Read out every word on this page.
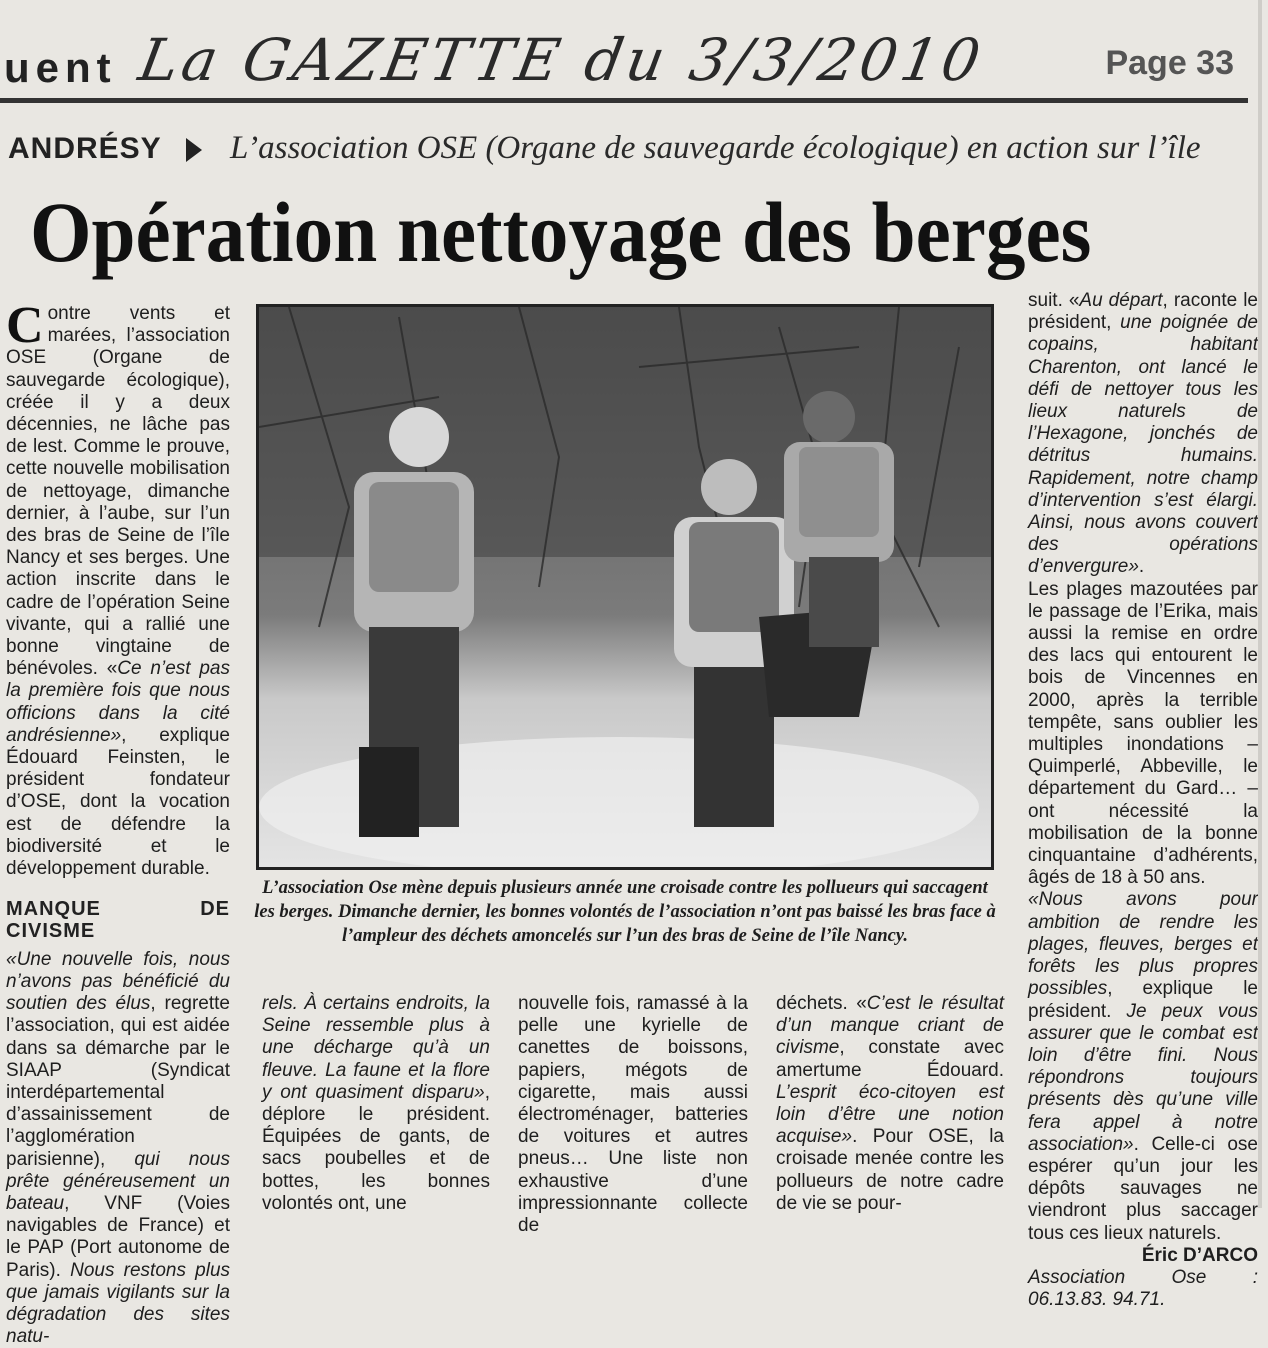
uent La GAZETTE du 3/3/2010	Page 33
ANDRÉSY L’association OSE (Organe de sauvegarde écologique) en action sur l’île
Opération nettoyage des berges

Contre vents et marées, l’association OSE (Organe de sauvegarde écologique), créée il y a deux décennies, ne lâche pas de lest. Comme le prouve, cette nouvelle mobilisation de nettoyage, dimanche dernier, à l’aube, sur l’un des bras de Seine de l’île Nancy et ses berges. Une action inscrite dans le cadre de l’opération Seine vivante, qui a rallié une bonne vingtaine de bénévoles. «Ce n’est pas la première fois que nous officions dans la cité andrésienne», explique Édouard Feinsten, le président fondateur d’OSE, dont la vocation est de défendre la biodiversité et le développement durable.

MANQUE DE CIVISME

«Une nouvelle fois, nous n’avons pas bénéficié du soutien des élus, regrette l’association, qui est aidée dans sa démarche par le SIAAP (Syndicat interdépartemental d’assainissement de l’agglomération parisienne), qui nous prête généreusement un bateau, VNF (Voies navigables de France) et le PAP (Port autonome de Paris). Nous restons plus que jamais vigilants sur la dégradation des sites natu-

L’association Ose mène depuis plusieurs année une croisade contre les pollueurs qui saccagent les berges. Dimanche dernier, les bonnes volontés de l’association n’ont pas baissé les bras face à l’ampleur des déchets amoncelés sur l’un des bras de Seine de l’île Nancy.

rels. À certains endroits, la Seine ressemble plus à une décharge qu’à un fleuve. La faune et la flore y ont quasiment disparu», déplore le président. Équipées de gants, de sacs poubelles et de bottes, les bonnes volontés ont, une

nouvelle fois, ramassé à la pelle une kyrielle de canettes de boissons, papiers, mégots de cigarette, mais aussi électroménager, batteries de voitures et autres pneus… Une liste non exhaustive d’une impressionnante collecte de

déchets. «C’est le résultat d’un manque criant de civisme, constate avec amertume Édouard. L’esprit éco-citoyen est loin d’être une notion acquise». Pour OSE, la croisade menée contre les pollueurs de notre cadre de vie se pour-

suit. «Au départ, raconte le président, une poignée de copains, habitant Charenton, ont lancé le défi de nettoyer tous les lieux naturels de l’Hexagone, jonchés de détritus humains. Rapidement, notre champ d’intervention s’est élargi. Ainsi, nous avons couvert des opérations d’envergure».

Les plages mazoutées par le passage de l’Erika, mais aussi la remise en ordre des lacs qui entourent le bois de Vincennes en 2000, après la terrible tempête, sans oublier les multiples inondations – Quimperlé, Abbeville, le département du Gard… – ont nécessité la mobilisation de la bonne cinquantaine d’adhérents, âgés de 18 à 50 ans.

«Nous avons pour ambition de rendre les plages, fleuves, berges et forêts les plus propres possibles, explique le président. Je peux vous assurer que le combat est loin d’être fini. Nous répondrons toujours présents dès qu’une ville fera appel à notre association». Celle-ci ose espérer qu’un jour les dépôts sauvages ne viendront plus saccager tous ces lieux naturels.

Éric D’ARCO

Association Ose : 06.13.83. 94.71.
